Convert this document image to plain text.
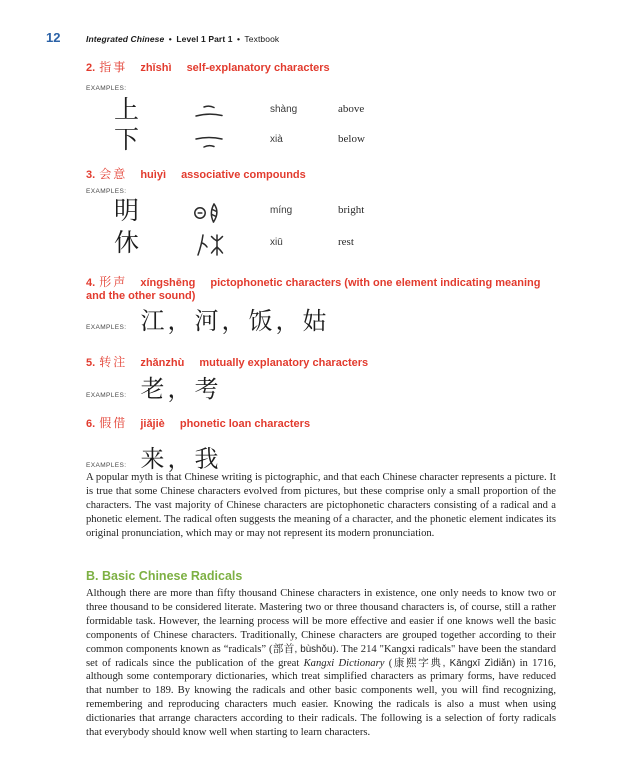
12	Integrated Chinese • Level 1 Part 1 • Textbook
2. 指事 zhǐshì self-explanatory characters
EXAMPLES:
上	shàng	above
下	xià	below
3. 会意 huìyì associative compounds
EXAMPLES:
明	míng	bright
休	xiū	rest
4. 形声 xíngshēng pictophonetic characters (with one element indicating meaning and the other sound)
EXAMPLES: 江，河，饭，姑
5. 转注 zhǎnzhù mutually explanatory characters
EXAMPLES: 老，考
6. 假借 jiǎjiè phonetic loan characters
EXAMPLES: 来，我
A popular myth is that Chinese writing is pictographic, and that each Chinese character represents a picture. It is true that some Chinese characters evolved from pictures, but these comprise only a small proportion of the characters. The vast majority of Chinese characters are pictophonetic characters consisting of a radical and a phonetic element. The radical often suggests the meaning of a character, and the phonetic element indicates its original pronunciation, which may or may not represent its modern pronunciation.
B. Basic Chinese Radicals
Although there are more than fifty thousand Chinese characters in existence, one only needs to know two or three thousand to be considered literate. Mastering two or three thousand characters is, of course, still a rather formidable task. However, the learning process will be more effective and easier if one knows well the basic components of Chinese characters. Traditionally, Chinese characters are grouped together according to their common components known as “radicals” (部首, bùshǒu). The 214 "Kangxi radicals" have been the standard set of radicals since the publication of the great Kangxi Dictionary (康熙字典, Kāngxī Zìdiǎn) in 1716, although some contemporary dictionaries, which treat simplified characters as primary forms, have reduced that number to 189. By knowing the radicals and other basic components well, you will find recognizing, remembering and reproducing characters much easier. Knowing the radicals is also a must when using dictionaries that arrange characters according to their radicals. The following is a selection of forty radicals that everybody should know well when starting to learn characters.
